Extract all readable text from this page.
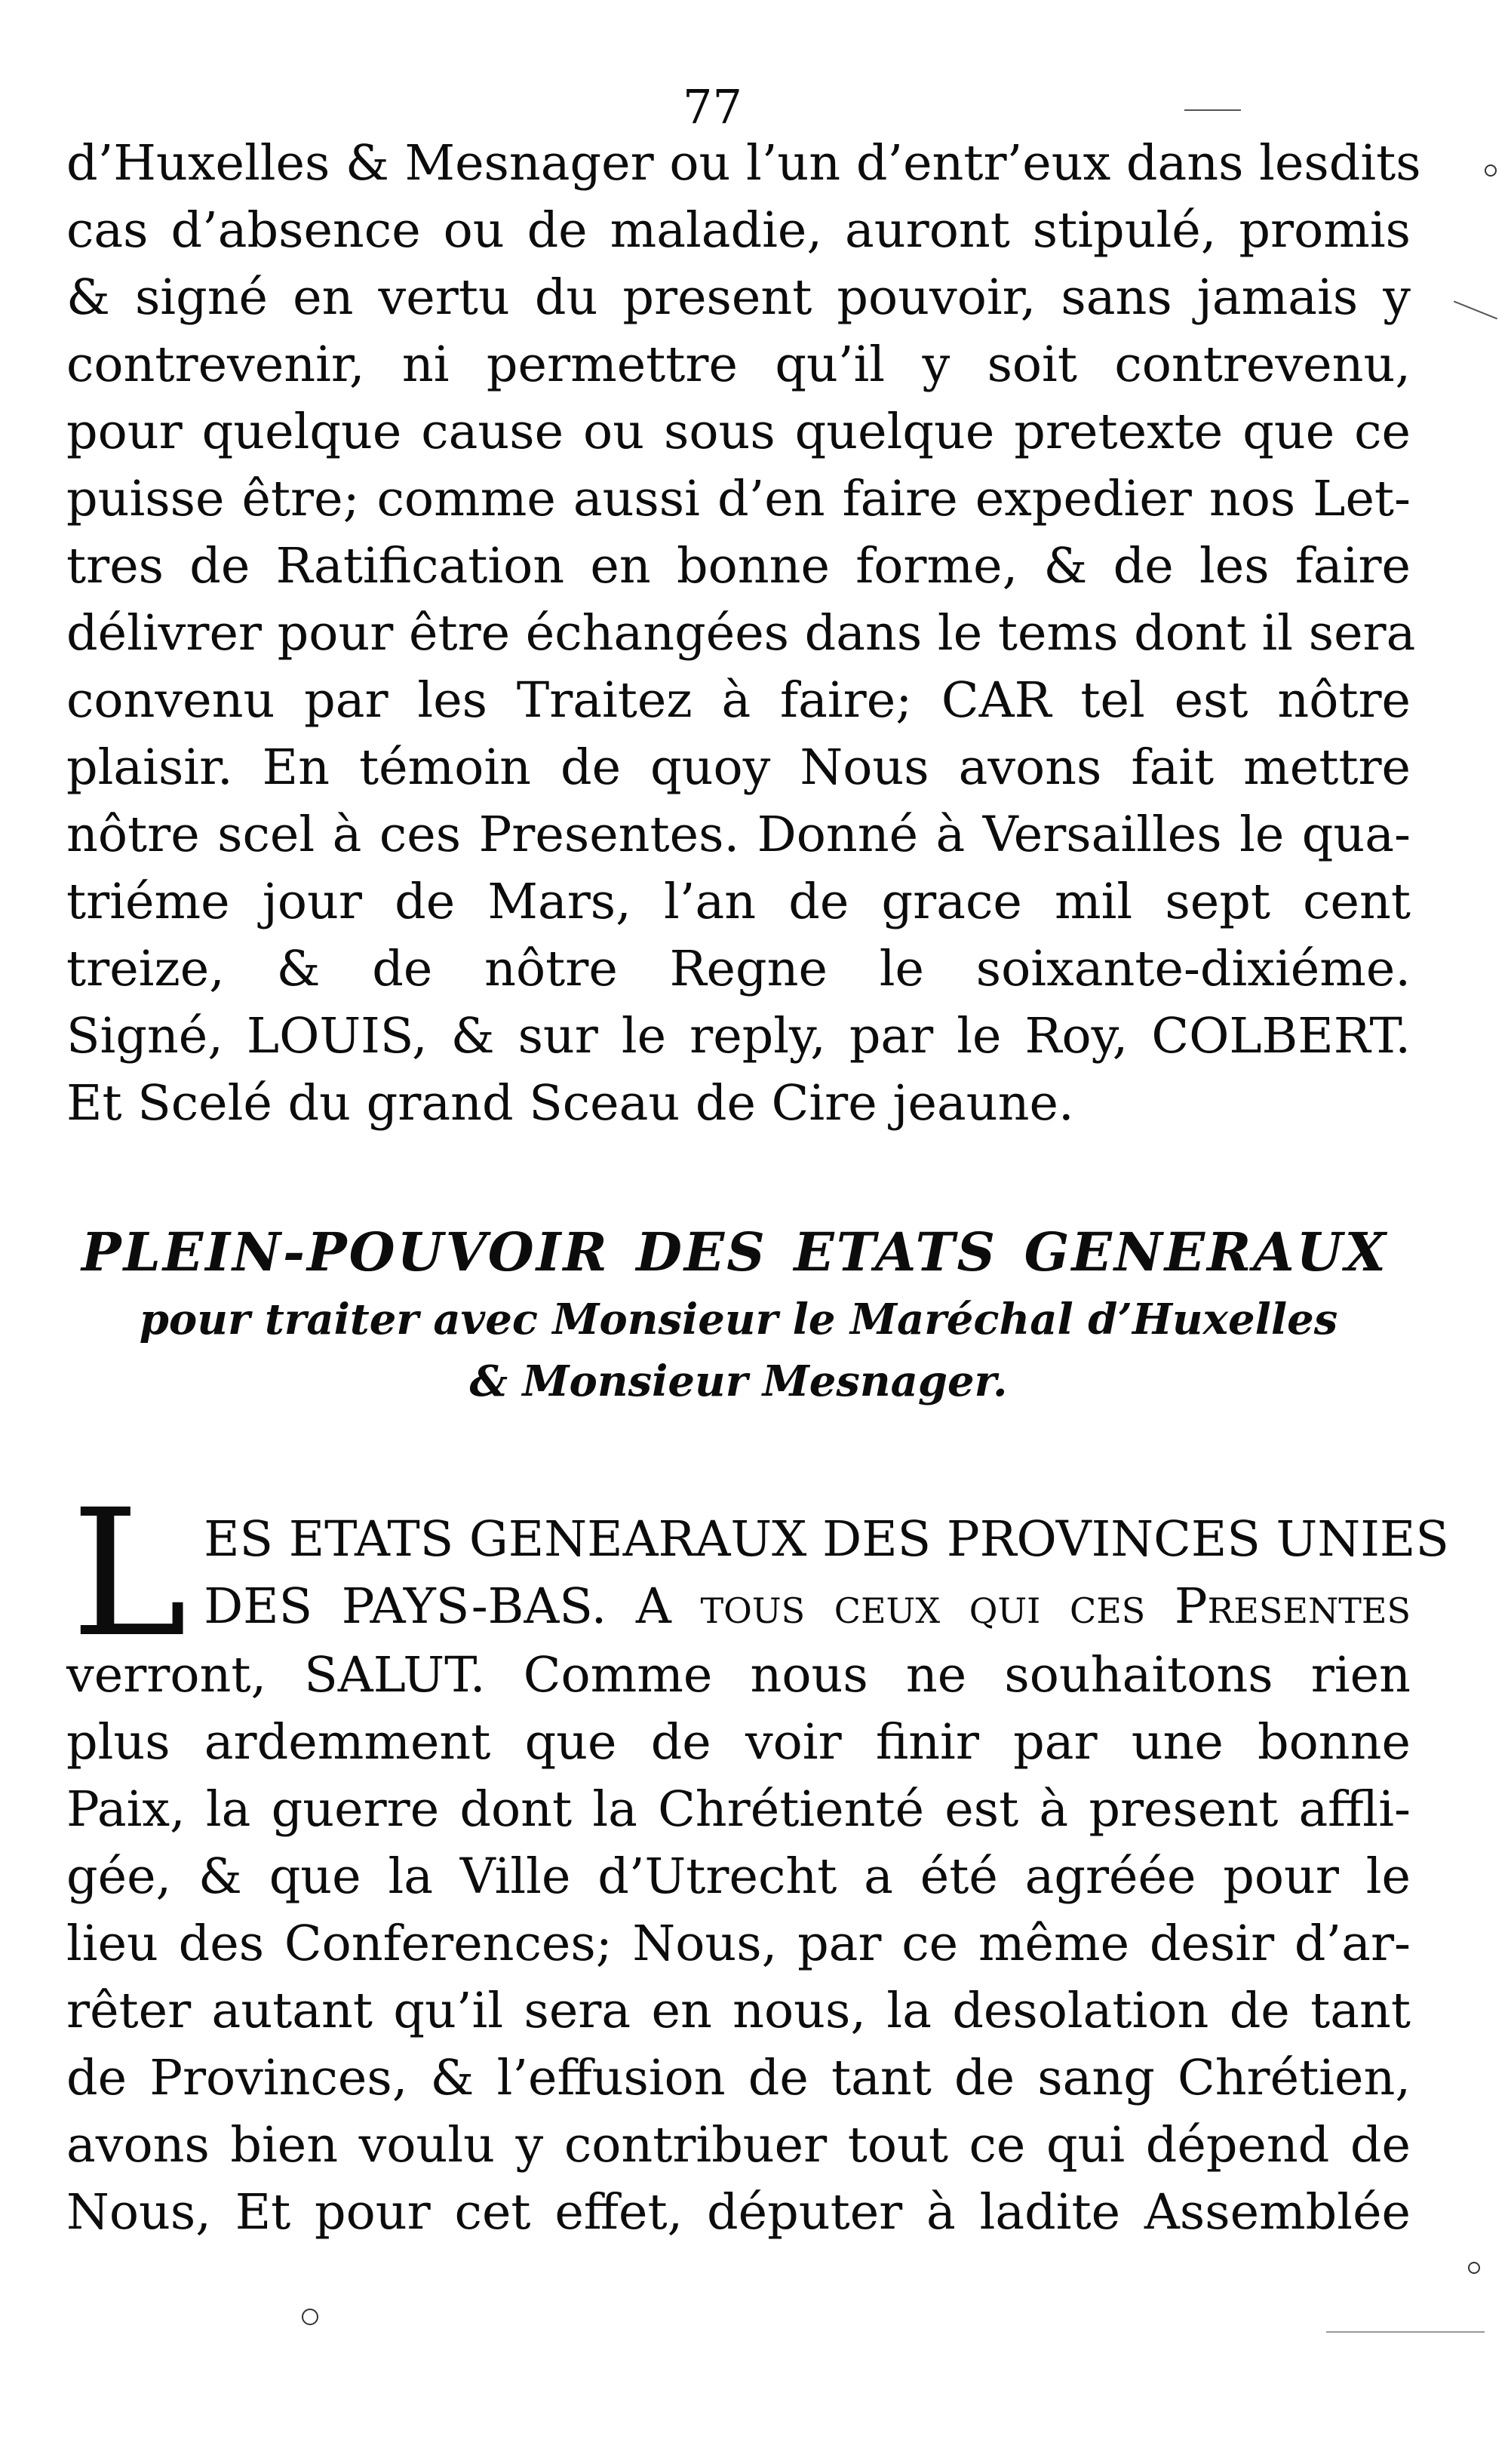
77
d’Huxelles & Mesnager ou l’un d’entr’eux dans lesdits
cas d’absence ou de maladie, auront stipulé, promis
& signé en vertu du present pouvoir, sans jamais y
contrevenir, ni permettre qu’il y soit contrevenu,
pour quelque cause ou sous quelque pretexte que ce
puisse être; comme aussi d’en faire expedier nos Let-
tres de Ratification en bonne forme, & de les faire
délivrer pour être échangées dans le tems dont il sera
convenu par les Traitez à faire; CAR tel est nôtre
plaisir. En témoin de quoy Nous avons fait mettre
nôtre scel à ces Presentes. Donné à Versailles le qua-
triéme jour de Mars, l’an de grace mil sept cent
treize, & de nôtre Regne le soixante-dixiéme.
Signé, LOUIS, & sur le reply, par le Roy, COLBERT.
Et Scelé du grand Sceau de Cire jeaune.
PLEIN-POUVOIR DES ETATS GENERAUX
pour traiter avec Monsieur le Maréchal d’Huxelles
& Monsieur Mesnager.
L ES ETATS GENEARAUX DES PROVINCES UNIES
DES PAYS-BAS. A tous ceux qui ces Presentes
verront, SALUT. Comme nous ne souhaitons rien
plus ardemment que de voir finir par une bonne
Paix, la guerre dont la Chrétienté est à present affli-
gée, & que la Ville d’Utrecht a été agréée pour le
lieu des Conferences; Nous, par ce même desir d’ar-
rêter autant qu’il sera en nous, la desolation de tant
de Provinces, & l’effusion de tant de sang Chrétien,
avons bien voulu y contribuer tout ce qui dépend de
Nous, Et pour cet effet, députer à ladite Assemblée
